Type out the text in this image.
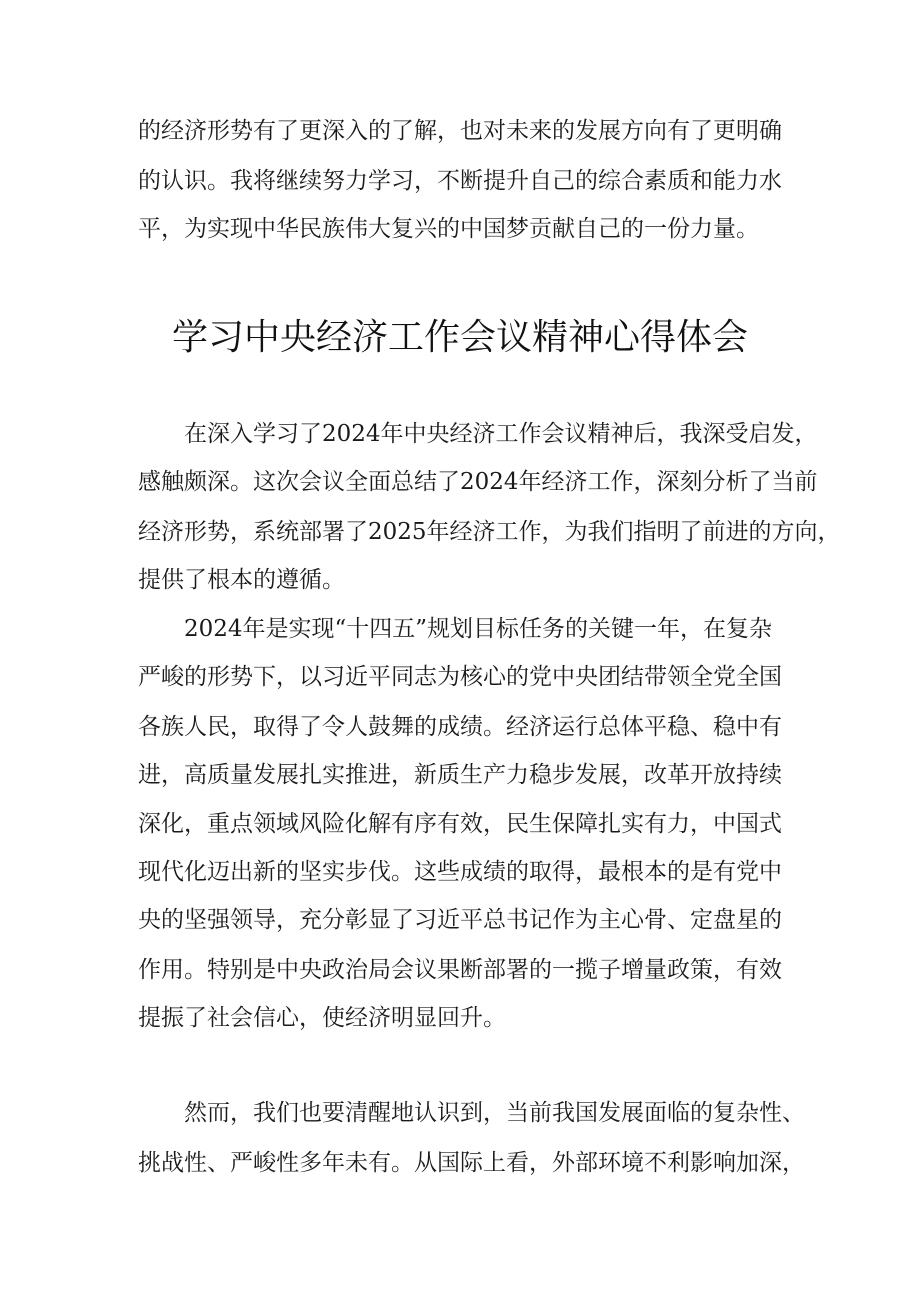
的经济形势有了更深入的了解，也对未来的发展方向有了更明确

的认识。我将继续努力学习，不断提升自己的综合素质和能力水

平，为实现中华民族伟大复兴的中国梦贡献自己的一份力量。

学习中央经济工作会议精神心得体会

在深入学习了2024年中央经济工作会议精神后，我深受启发，

感触颇深。这次会议全面总结了2024年经济工作，深刻分析了当前

经济形势，系统部署了2025年经济工作，为我们指明了前进的方向，

提供了根本的遵循。

2024年是实现“十四五”规划目标任务的关键一年，在复杂

严峻的形势下，以习近平同志为核心的党中央团结带领全党全国

各族人民，取得了令人鼓舞的成绩。经济运行总体平稳、稳中有

进，高质量发展扎实推进，新质生产力稳步发展，改革开放持续

深化，重点领域风险化解有序有效，民生保障扎实有力，中国式

现代化迈出新的坚实步伐。这些成绩的取得，最根本的是有党中

央的坚强领导，充分彰显了习近平总书记作为主心骨、定盘星的

作用。特别是中央政治局会议果断部署的一揽子增量政策，有效

提振了社会信心，使经济明显回升。

然而，我们也要清醒地认识到，当前我国发展面临的复杂性、

挑战性、严峻性多年未有。从国际上看，外部环境不利影响加深，
